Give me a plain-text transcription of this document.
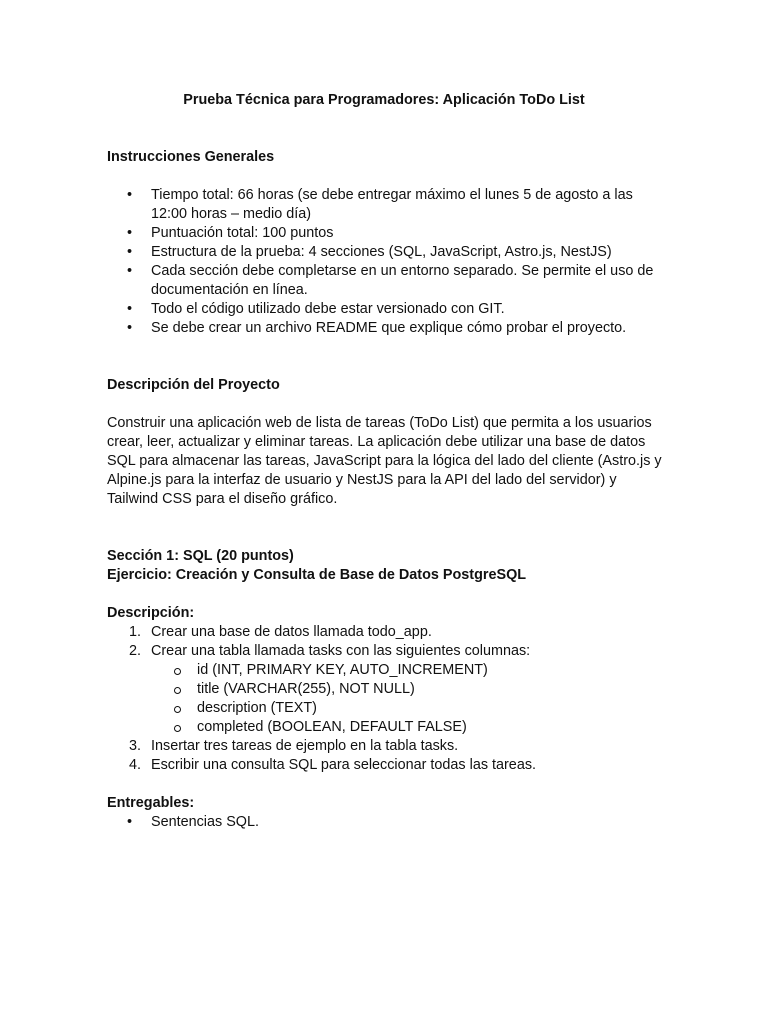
Prueba Técnica para Programadores: Aplicación ToDo List
Instrucciones Generales
• Tiempo total: 66 horas (se debe entregar máximo el lunes 5 de agosto a las 12:00 horas – medio día)
• Puntuación total: 100 puntos
• Estructura de la prueba: 4 secciones (SQL, JavaScript, Astro.js, NestJS)
• Cada sección debe completarse en un entorno separado. Se permite el uso de documentación en línea.
• Todo el código utilizado debe estar versionado con GIT.
• Se debe crear un archivo README que explique cómo probar el proyecto.
Descripción del Proyecto

Construir una aplicación web de lista de tareas (ToDo List) que permita a los usuarios crear, leer, actualizar y eliminar tareas. La aplicación debe utilizar una base de datos SQL para almacenar las tareas, JavaScript para la lógica del lado del cliente (Astro.js y Alpine.js para la interfaz de usuario y NestJS para la API del lado del servidor) y Tailwind CSS para el diseño gráfico.

Sección 1: SQL (20 puntos)
Ejercicio: Creación y Consulta de Base de Datos PostgreSQL
Descripción:
1. Crear una base de datos llamada todo_app.
2. Crear una tabla llamada tasks con las siguientes columnas:
id (INT, PRIMARY KEY, AUTO_INCREMENT)
title (VARCHAR(255), NOT NULL)
description (TEXT)
completed (BOOLEAN, DEFAULT FALSE)
3. Insertar tres tareas de ejemplo en la tabla tasks.
4. Escribir una consulta SQL para seleccionar todas las tareas.
Entregables:
• Sentencias SQL.
